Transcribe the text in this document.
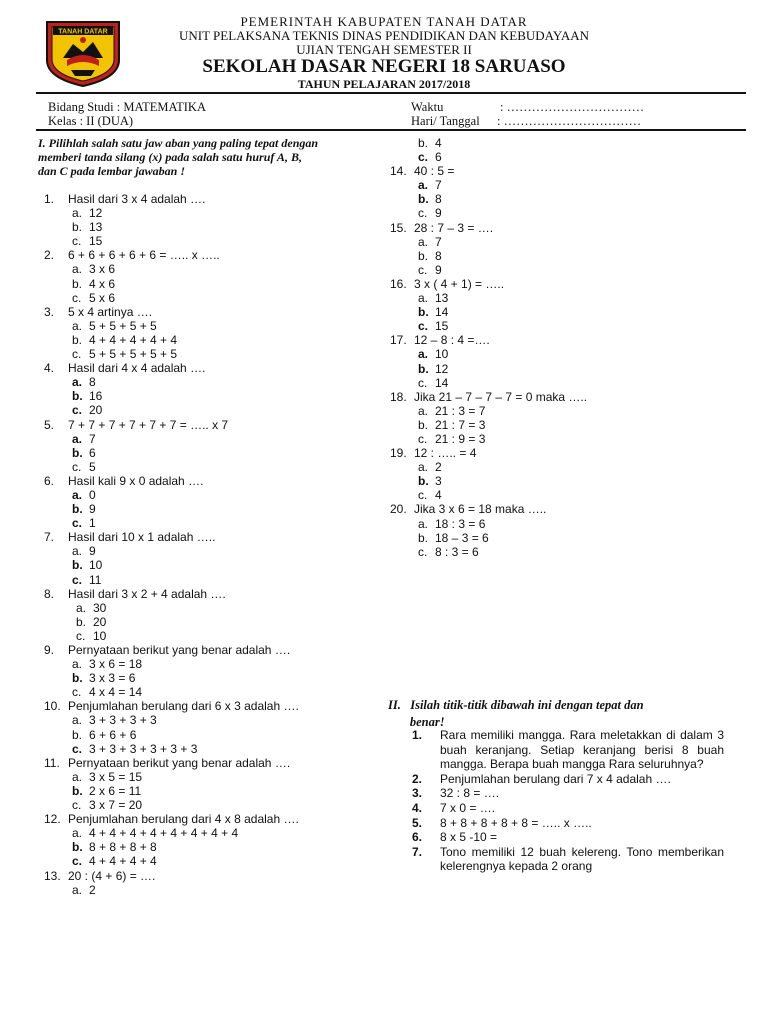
TANAH DATAR
PEMERINTAH KABUPATEN TANAH DATAR
UNIT PELAKSANA TEKNIS DINAS PENDIDIKAN DAN KEBUDAYAAN
UJIAN TENGAH SEMESTER II
SEKOLAH DASAR NEGERI 18 SARUASO
TAHUN PELAJARAN 2017/2018
Bidang Studi : MATEMATIKA
Kelas : II (DUA)
Waktu	: ……………………………
Hari/ Tanggal : ……………………………
I. Pilihlah salah satu jaw aban yang paling tepat dengan
memberi tanda silang (x) pada salah satu huruf A, B,
dan C pada lembar jawaban !
1. Hasil dari 3 x 4 adalah ….
a. 12
b. 13
c. 15
2. 6 + 6 + 6 + 6 + 6 = ….. x …..
a. 3 x 6
b. 4 x 6
c. 5 x 6
3. 5 x 4 artinya ….
a. 5 + 5 + 5 + 5
b. 4 + 4 + 4 + 4 + 4
c. 5 + 5 + 5 + 5 + 5
4. Hasil dari 4 x 4 adalah ….
a. 8
b. 16
c. 20
5. 7 + 7 + 7 + 7 + 7 + 7 = ….. x 7
a. 7
b. 6
c. 5
6. Hasil kali 9 x 0 adalah ….
a. 0
b. 9
c. 1
7. Hasil dari 10 x 1 adalah …..
a. 9
b. 10
c. 11
8. Hasil dari 3 x 2 + 4 adalah ….
a. 30
b. 20
c. 10
9. Pernyataan berikut yang benar adalah ….
a. 3 x 6 = 18
b. 3 x 3 = 6
c. 4 x 4 = 14
10. Penjumlahan berulang dari 6 x 3 adalah ….
a. 3 + 3 + 3 + 3
b. 6 + 6 + 6
c. 3 + 3 + 3 + 3 + 3 + 3
11. Pernyataan berikut yang benar adalah ….
a. 3 x 5 = 15
b. 2 x 6 = 11
c. 3 x 7 = 20
12. Penjumlahan berulang dari 4 x 8 adalah ….
a. 4 + 4 + 4 + 4 + 4 + 4 + 4 + 4
b. 8 + 8 + 8 + 8
c. 4 + 4 + 4 + 4
13. 20 : (4 + 6) = ….
a. 2
b. 4
c. 6
14. 40 : 5 =
a. 7
b. 8
c. 9
15. 28 : 7 – 3 = ….
a. 7
b. 8
c. 9
16. 3 x ( 4 + 1) = …..
a. 13
b. 14
c. 15
17. 12 – 8 : 4 =….
a. 10
b. 12
c. 14
18. Jika 21 – 7 – 7 – 7 = 0 maka …..
a. 21 : 3 = 7
b. 21 : 7 = 3
c. 21 : 9 = 3
19. 12 : ….. = 4
a. 2
b. 3
c. 4
20. Jika 3 x 6 = 18 maka …..
a. 18 : 3 = 6
b. 18 – 3 = 6
c. 8 : 3 = 6
II.   Isilah titik-titik dibawah ini dengan tepat dan
benar!
1.	Rara memiliki mangga. Rara meletakkan di dalam 3 buah keranjang. Setiap keranjang berisi 8 buah mangga. Berapa buah mangga Rara seluruhnya?
2.	Penjumlahan berulang dari 7 x 4 adalah ….
3.	32 : 8 = ….
4.	7 x 0 = ….
5.	8 + 8 + 8 + 8 + 8 = ….. x …..
6.	8 x 5 -10 =
7.	Tono memiliki 12 buah kelereng. Tono memberikan kelerengnya kepada 2 orang
